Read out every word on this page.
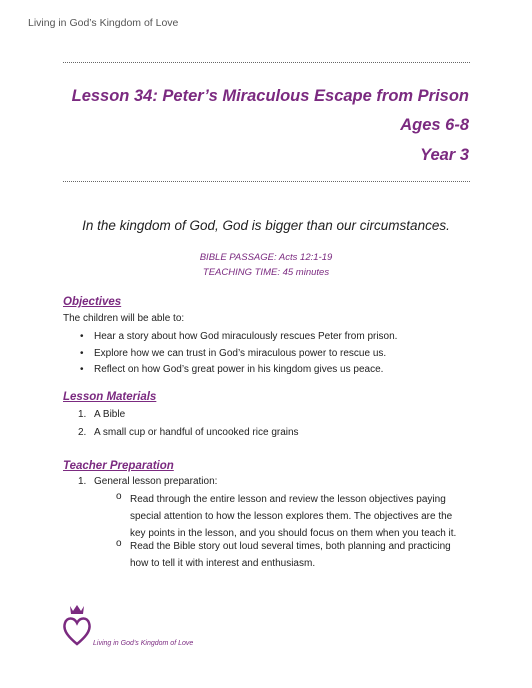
Living in God’s Kingdom of Love
Lesson 34: Peter’s Miraculous Escape from Prison
Ages 6-8
Year 3
In the kingdom of God, God is bigger than our circumstances.
BIBLE PASSAGE: Acts 12:1-19
TEACHING TIME: 45 minutes
Objectives
The children will be able to:
• Hear a story about how God miraculously rescues Peter from prison.
• Explore how we can trust in God’s miraculous power to rescue us.
• Reflect on how God’s great power in his kingdom gives us peace.
Lesson Materials
1. A Bible
2. A small cup or handful of uncooked rice grains
Teacher Preparation
1. General lesson preparation:
o Read through the entire lesson and review the lesson objectives paying special attention to how the lesson explores them. The objectives are the key points in the lesson, and you should focus on them when you teach it.
o Read the Bible story out loud several times, both planning and practicing how to tell it with interest and enthusiasm.
Living in God’s Kingdom of Love
